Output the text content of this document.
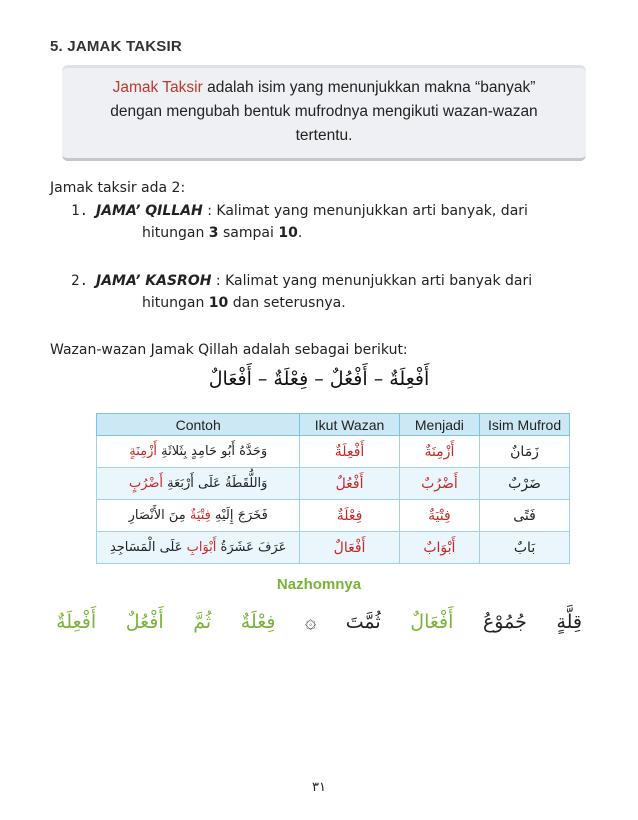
5. JAMAK TAKSIR
Jamak Taksir adalah isim yang menunjukkan makna “banyak”
dengan mengubah bentuk mufrodnya mengikuti wazan-wazan
tertentu.
Jamak taksir ada 2:
1. JAMA’ QILLAH : Kalimat yang menunjukkan arti banyak, dari
hitungan 3 sampai 10.
2. JAMA’ KASROH : Kalimat yang menunjukkan arti banyak dari
hitungan 10 dan seterusnya.
Wazan-wazan Jamak Qillah adalah sebagai berikut:
أَفْعِلَةٌ – أَفْعُلٌ – فِعْلَةٌ – أَفْعَالٌ
Contoh	Ikut Wazan	Menjadi	Isim Mufrod
وَحَدَّهُ أَبُو حَامِدٍ بِثَلاثَةِ أَزْمِنَةٍ	أَفْعِلَةٌ	أَزْمِنَةٌ	زَمَانٌ
وَاللُّقَطَةُ عَلَى أَرْبَعَةِ أَضْرُبٍ	أَفْعُلٌ	أَضْرُبٌ	ضَرْبٌ
فَخَرَجَ إِلَيْهِ فِتْيَةٌ مِنَ الأَنْصَارِ	فِعْلَةٌ	فِتْيَةٌ	فَتًى
عَرَفَ عَشَرَةُ أَبْوَابِ عَلَى الْمَسَاجِدِ	أَفْعَالٌ	أَبْوَابٌ	بَابٌ
Nazhomnya
أَفْعِلَةٌ أَفْعُلٌ ثُمَّ فِعْلَةٌ ۞ ثُمَّتَ أَفْعَالٌ جُمُوْعُ قِلَّةٍ
٣١
